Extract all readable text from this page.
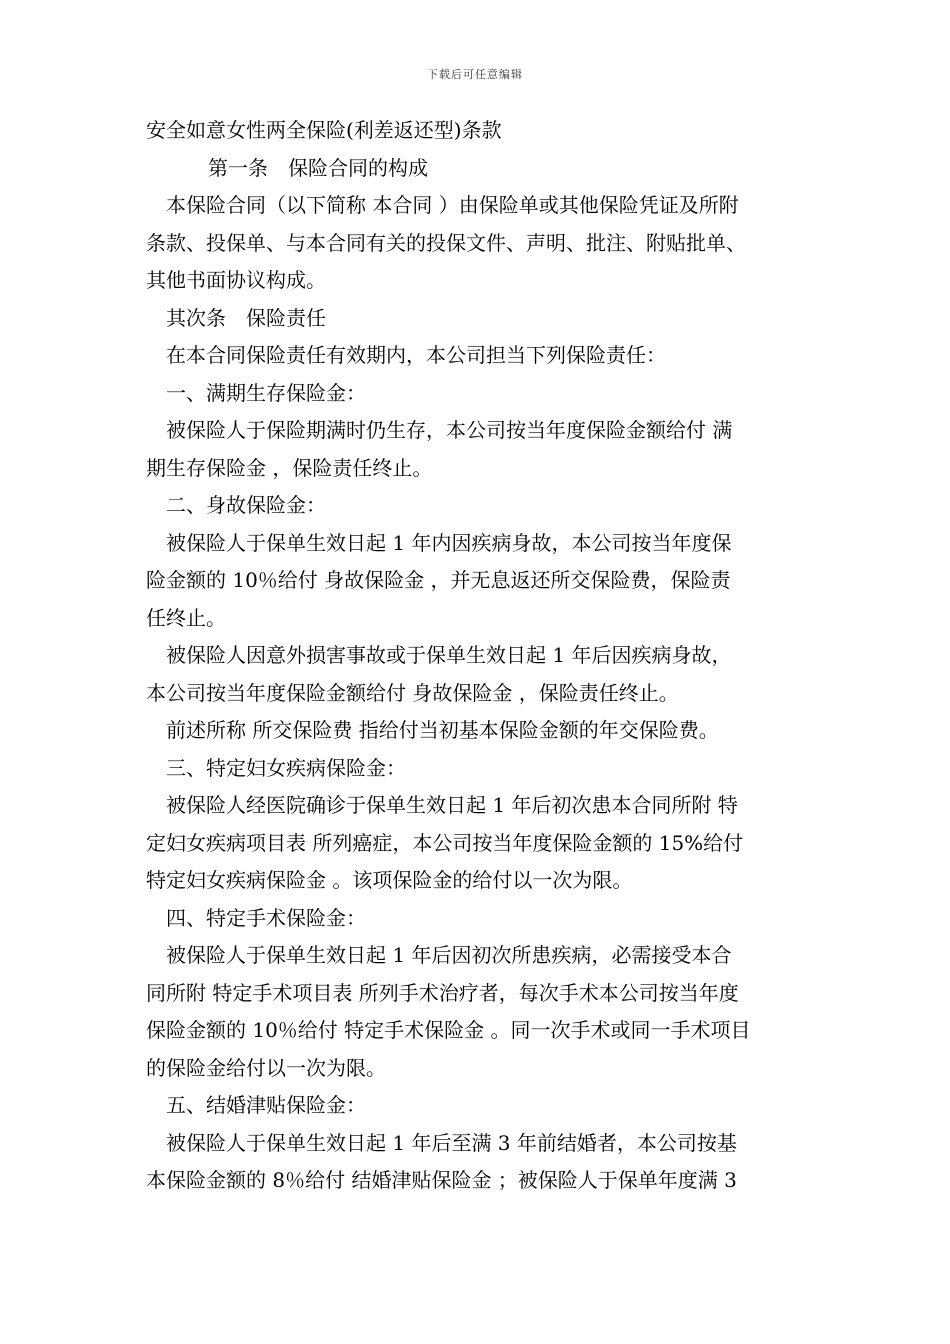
下载后可任意编辑
安全如意女性两全保险(利差返还型)条款
第一条　保险合同的构成
本保险合同（以下简称 本合同 ）由保险单或其他保险凭证及所附
条款、投保单、与本合同有关的投保文件、声明、批注、附贴批单、
其他书面协议构成。
其次条　保险责任
在本合同保险责任有效期内，本公司担当下列保险责任：
一、满期生存保险金：
被保险人于保险期满时仍生存，本公司按当年度保险金额给付 满
期生存保险金 ，保险责任终止。
二、身故保险金：
被保险人于保单生效日起 1 年内因疾病身故，本公司按当年度保
险金额的 10％给付 身故保险金 ，并无息返还所交保险费，保险责
任终止。
被保险人因意外损害事故或于保单生效日起 1 年后因疾病身故，
本公司按当年度保险金额给付 身故保险金 ，保险责任终止。
前述所称 所交保险费 指给付当初基本保险金额的年交保险费。
三、特定妇女疾病保险金：
被保险人经医院确诊于保单生效日起 1 年后初次患本合同所附 特
定妇女疾病项目表 所列癌症，本公司按当年度保险金额的 15%给付
特定妇女疾病保险金 。该项保险金的给付以一次为限。
四、特定手术保险金：
被保险人于保单生效日起 1 年后因初次所患疾病，必需接受本合
同所附 特定手术项目表 所列手术治疗者，每次手术本公司按当年度
保险金额的 10％给付 特定手术保险金 。同一次手术或同一手术项目
的保险金给付以一次为限。
五、结婚津贴保险金：
被保险人于保单生效日起 1 年后至满 3 年前结婚者，本公司按基
本保险金额的 8％给付 结婚津贴保险金 ；被保险人于保单年度满 3
